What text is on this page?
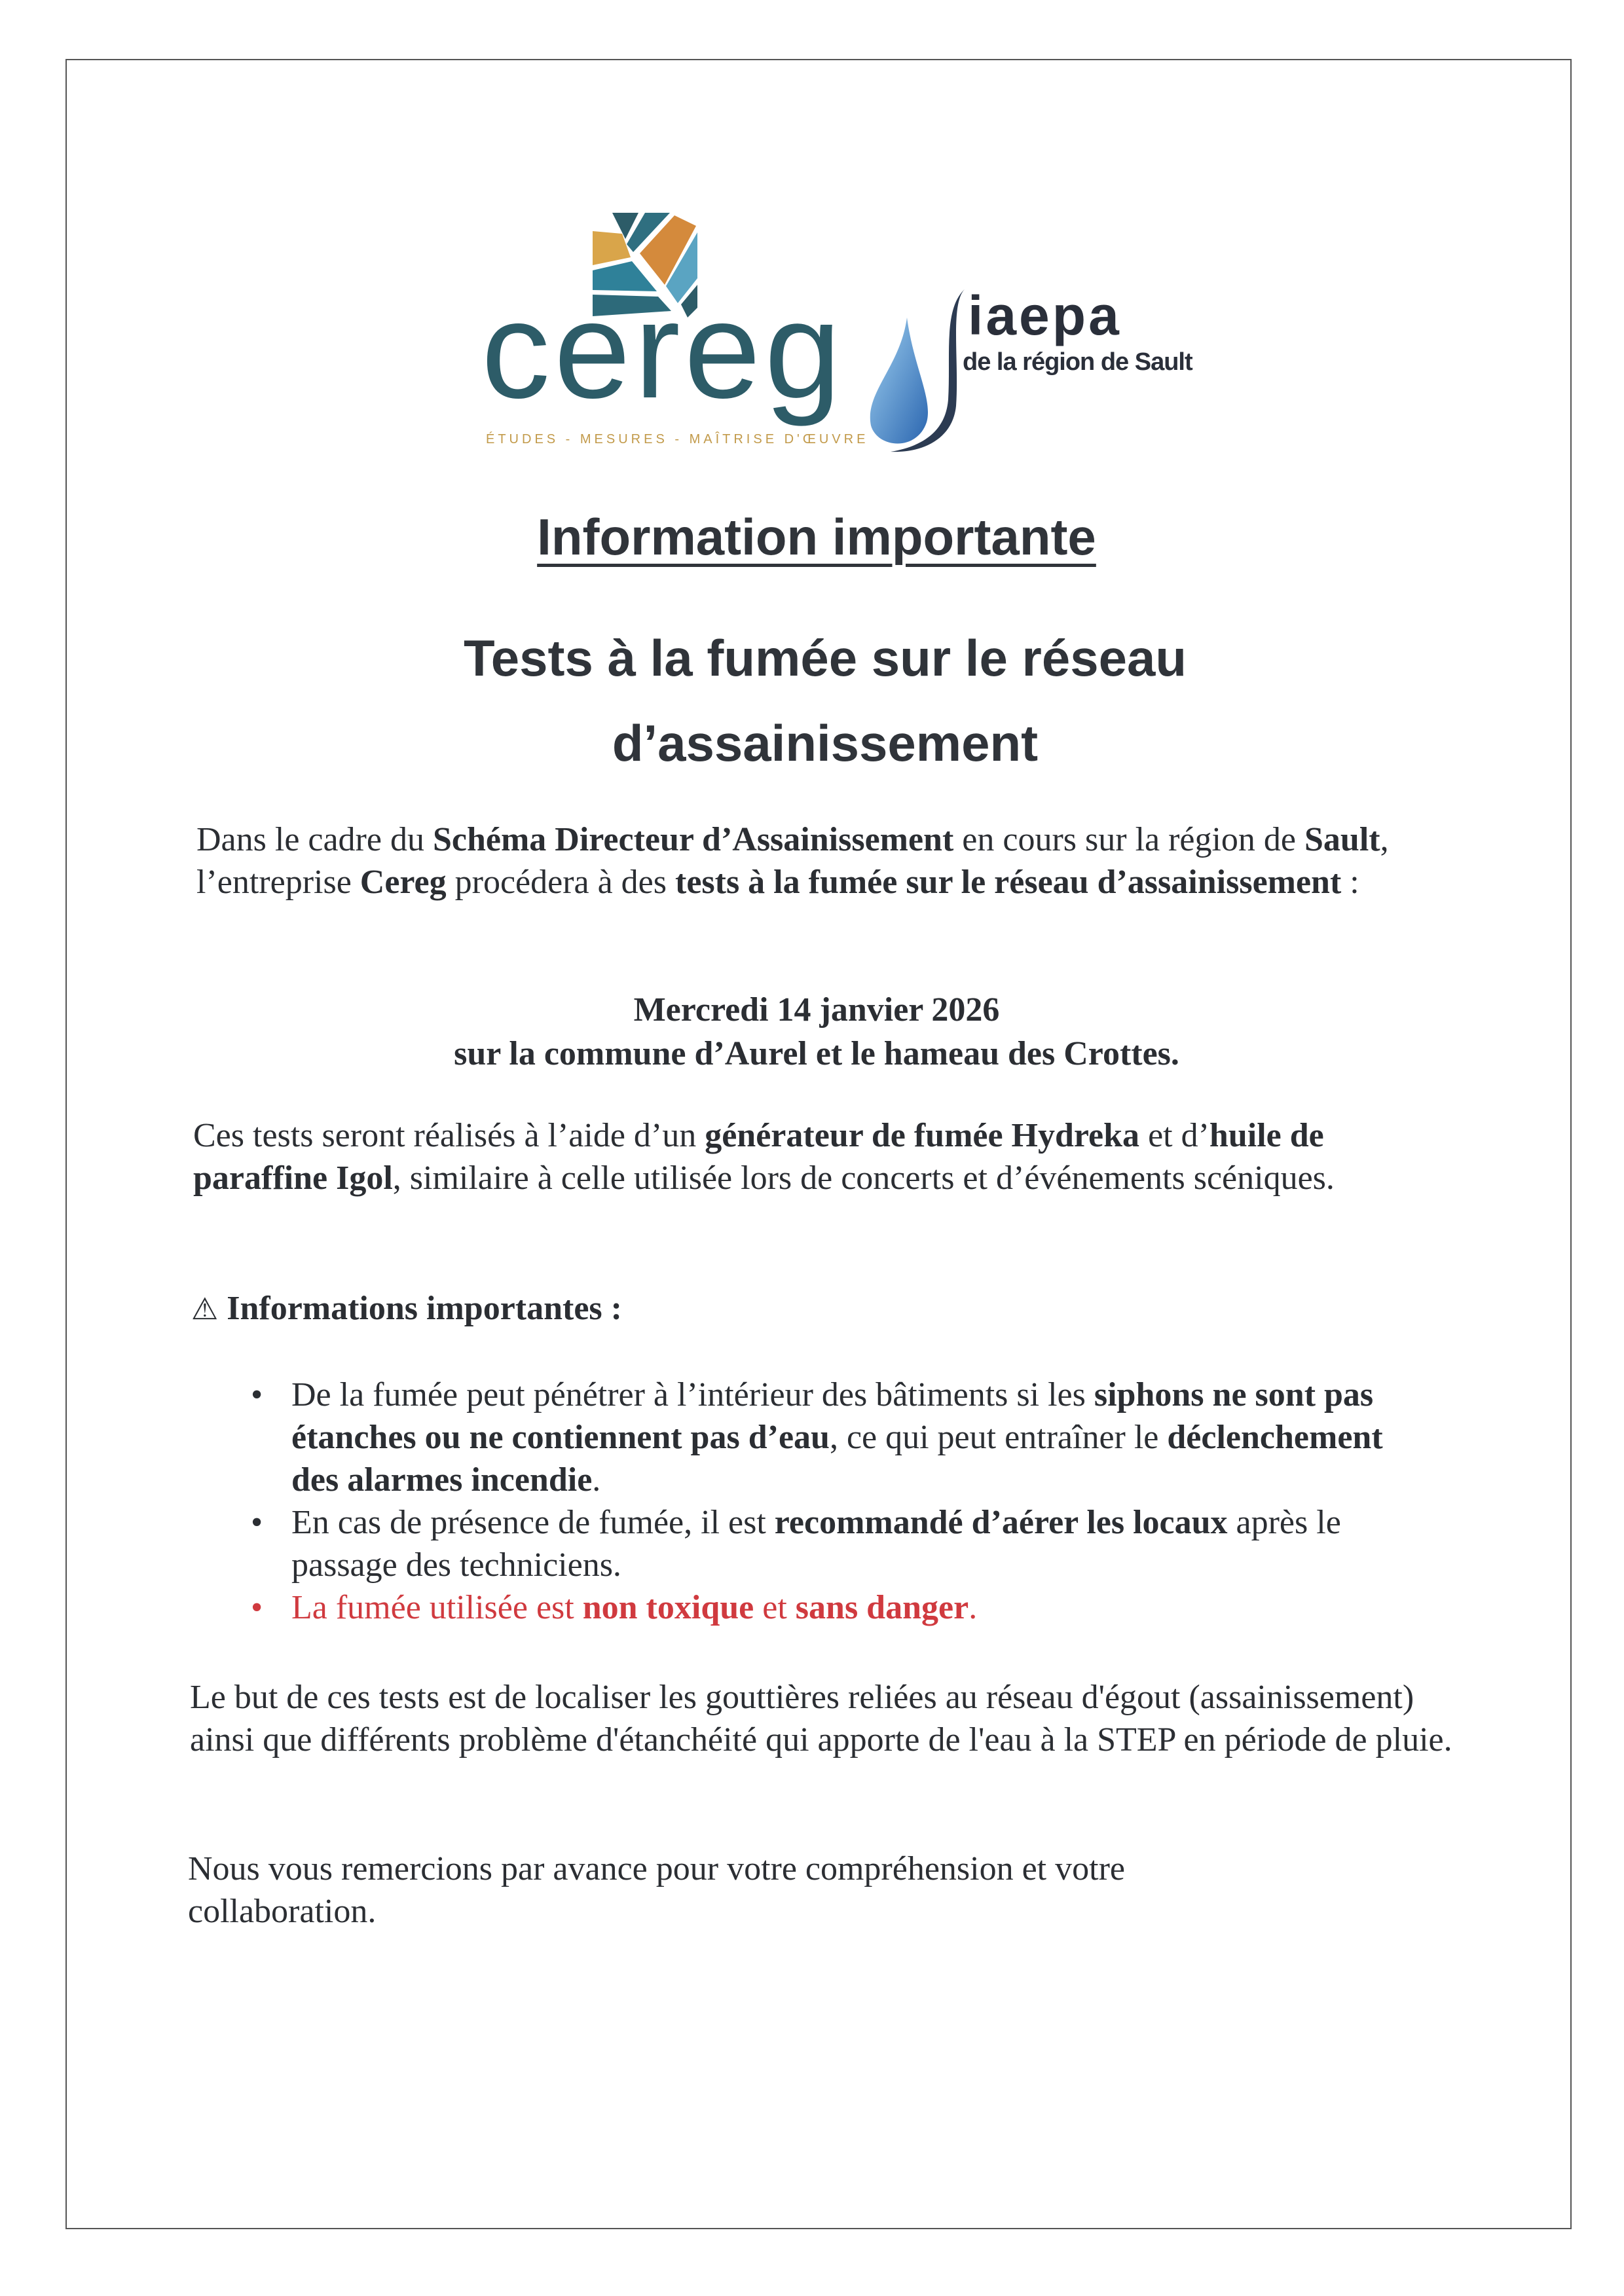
cereg
ÉTUDES - MESURES - MAÎTRISE D'ŒUVRE
iaepa
de la région de Sault
Information importante
Tests à la fumée sur le réseau d’assainissement
Dans le cadre du Schéma Directeur d’Assainissement en cours sur la région de Sault, l’entreprise Cereg procédera à des tests à la fumée sur le réseau d’assainissement :
Mercredi 14 janvier 2026
sur la commune d’Aurel et le hameau des Crottes.
Ces tests seront réalisés à l’aide d’un générateur de fumée Hydreka et d’huile de paraffine Igol, similaire à celle utilisée lors de concerts et d’événements scéniques.
⚠ Informations importantes :
• De la fumée peut pénétrer à l’intérieur des bâtiments si les siphons ne sont pas étanches ou ne contiennent pas d’eau, ce qui peut entraîner le déclenchement des alarmes incendie.
• En cas de présence de fumée, il est recommandé d’aérer les locaux après le passage des techniciens.
• La fumée utilisée est non toxique et sans danger.
Le but de ces tests est de localiser les gouttières reliées au réseau d'égout (assainissement) ainsi que différents problème d'étanchéité qui apporte de l'eau à la STEP en période de pluie.
Nous vous remercions par avance pour votre compréhension et votre collaboration.
